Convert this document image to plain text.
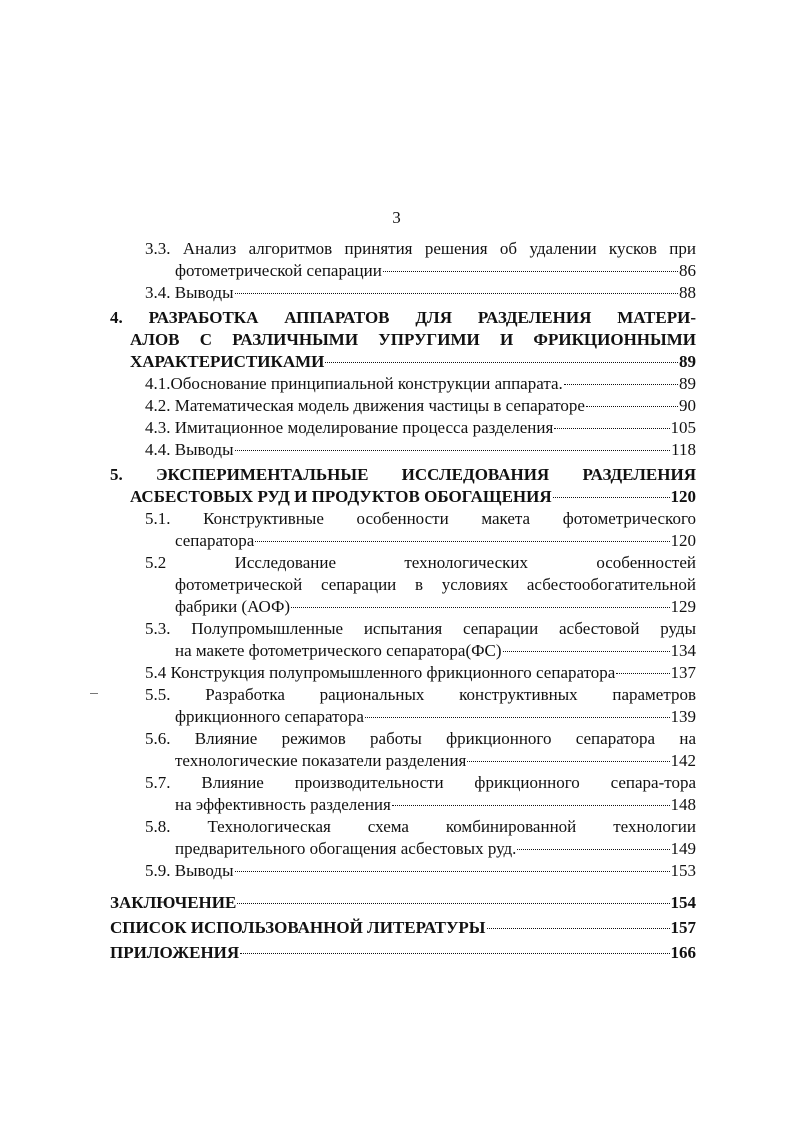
3
3.3. Анализ алгоритмов принятия решения об удалении кусков при
фотометрической сепарации	86
3.4. Выводы	88
4. РАЗРАБОТКА АППАРАТОВ ДЛЯ РАЗДЕЛЕНИЯ МАТЕРИ-
АЛОВ С РАЗЛИЧНЫМИ УПРУГИМИ И ФРИКЦИОННЫМИ
ХАРАКТЕРИСТИКАМИ	89
4.1.Обоснование принципиальной конструкции аппарата.	89
4.2. Математическая модель движения частицы в сепараторе	90
4.3. Имитационное моделирование процесса разделения	105
4.4. Выводы	118
5. ЭКСПЕРИМЕНТАЛЬНЫЕ ИССЛЕДОВАНИЯ РАЗДЕЛЕНИЯ
АСБЕСТОВЫХ РУД И ПРОДУКТОВ ОБОГАЩЕНИЯ	120
5.1. Конструктивные особенности макета фотометрического
сепаратора	120
5.2 Исследование технологических особенностей
фотометрической сепарации в условиях асбестообогатительной
фабрики (АОФ)	129
5.3. Полупромышленные испытания сепарации асбестовой руды
на макете фотометрического сепаратора(ФС)	134
5.4 Конструкция полупромышленного фрикционного сепаратора	137
5.5. Разработка рациональных конструктивных параметров
фрикционного сепаратора	139
5.6. Влияние режимов работы фрикционного сепаратора на
технологические показатели разделения	142
5.7. Влияние производительности фрикционного сепара-тора
на эффективность разделения	148
5.8. Технологическая схема комбинированной технологии
предварительного обогащения асбестовых руд.	149
5.9. Выводы	153
ЗАКЛЮЧЕНИЕ	154
СПИСОК ИСПОЛЬЗОВАННОЙ ЛИТЕРАТУРЫ	157
ПРИЛОЖЕНИЯ	166
